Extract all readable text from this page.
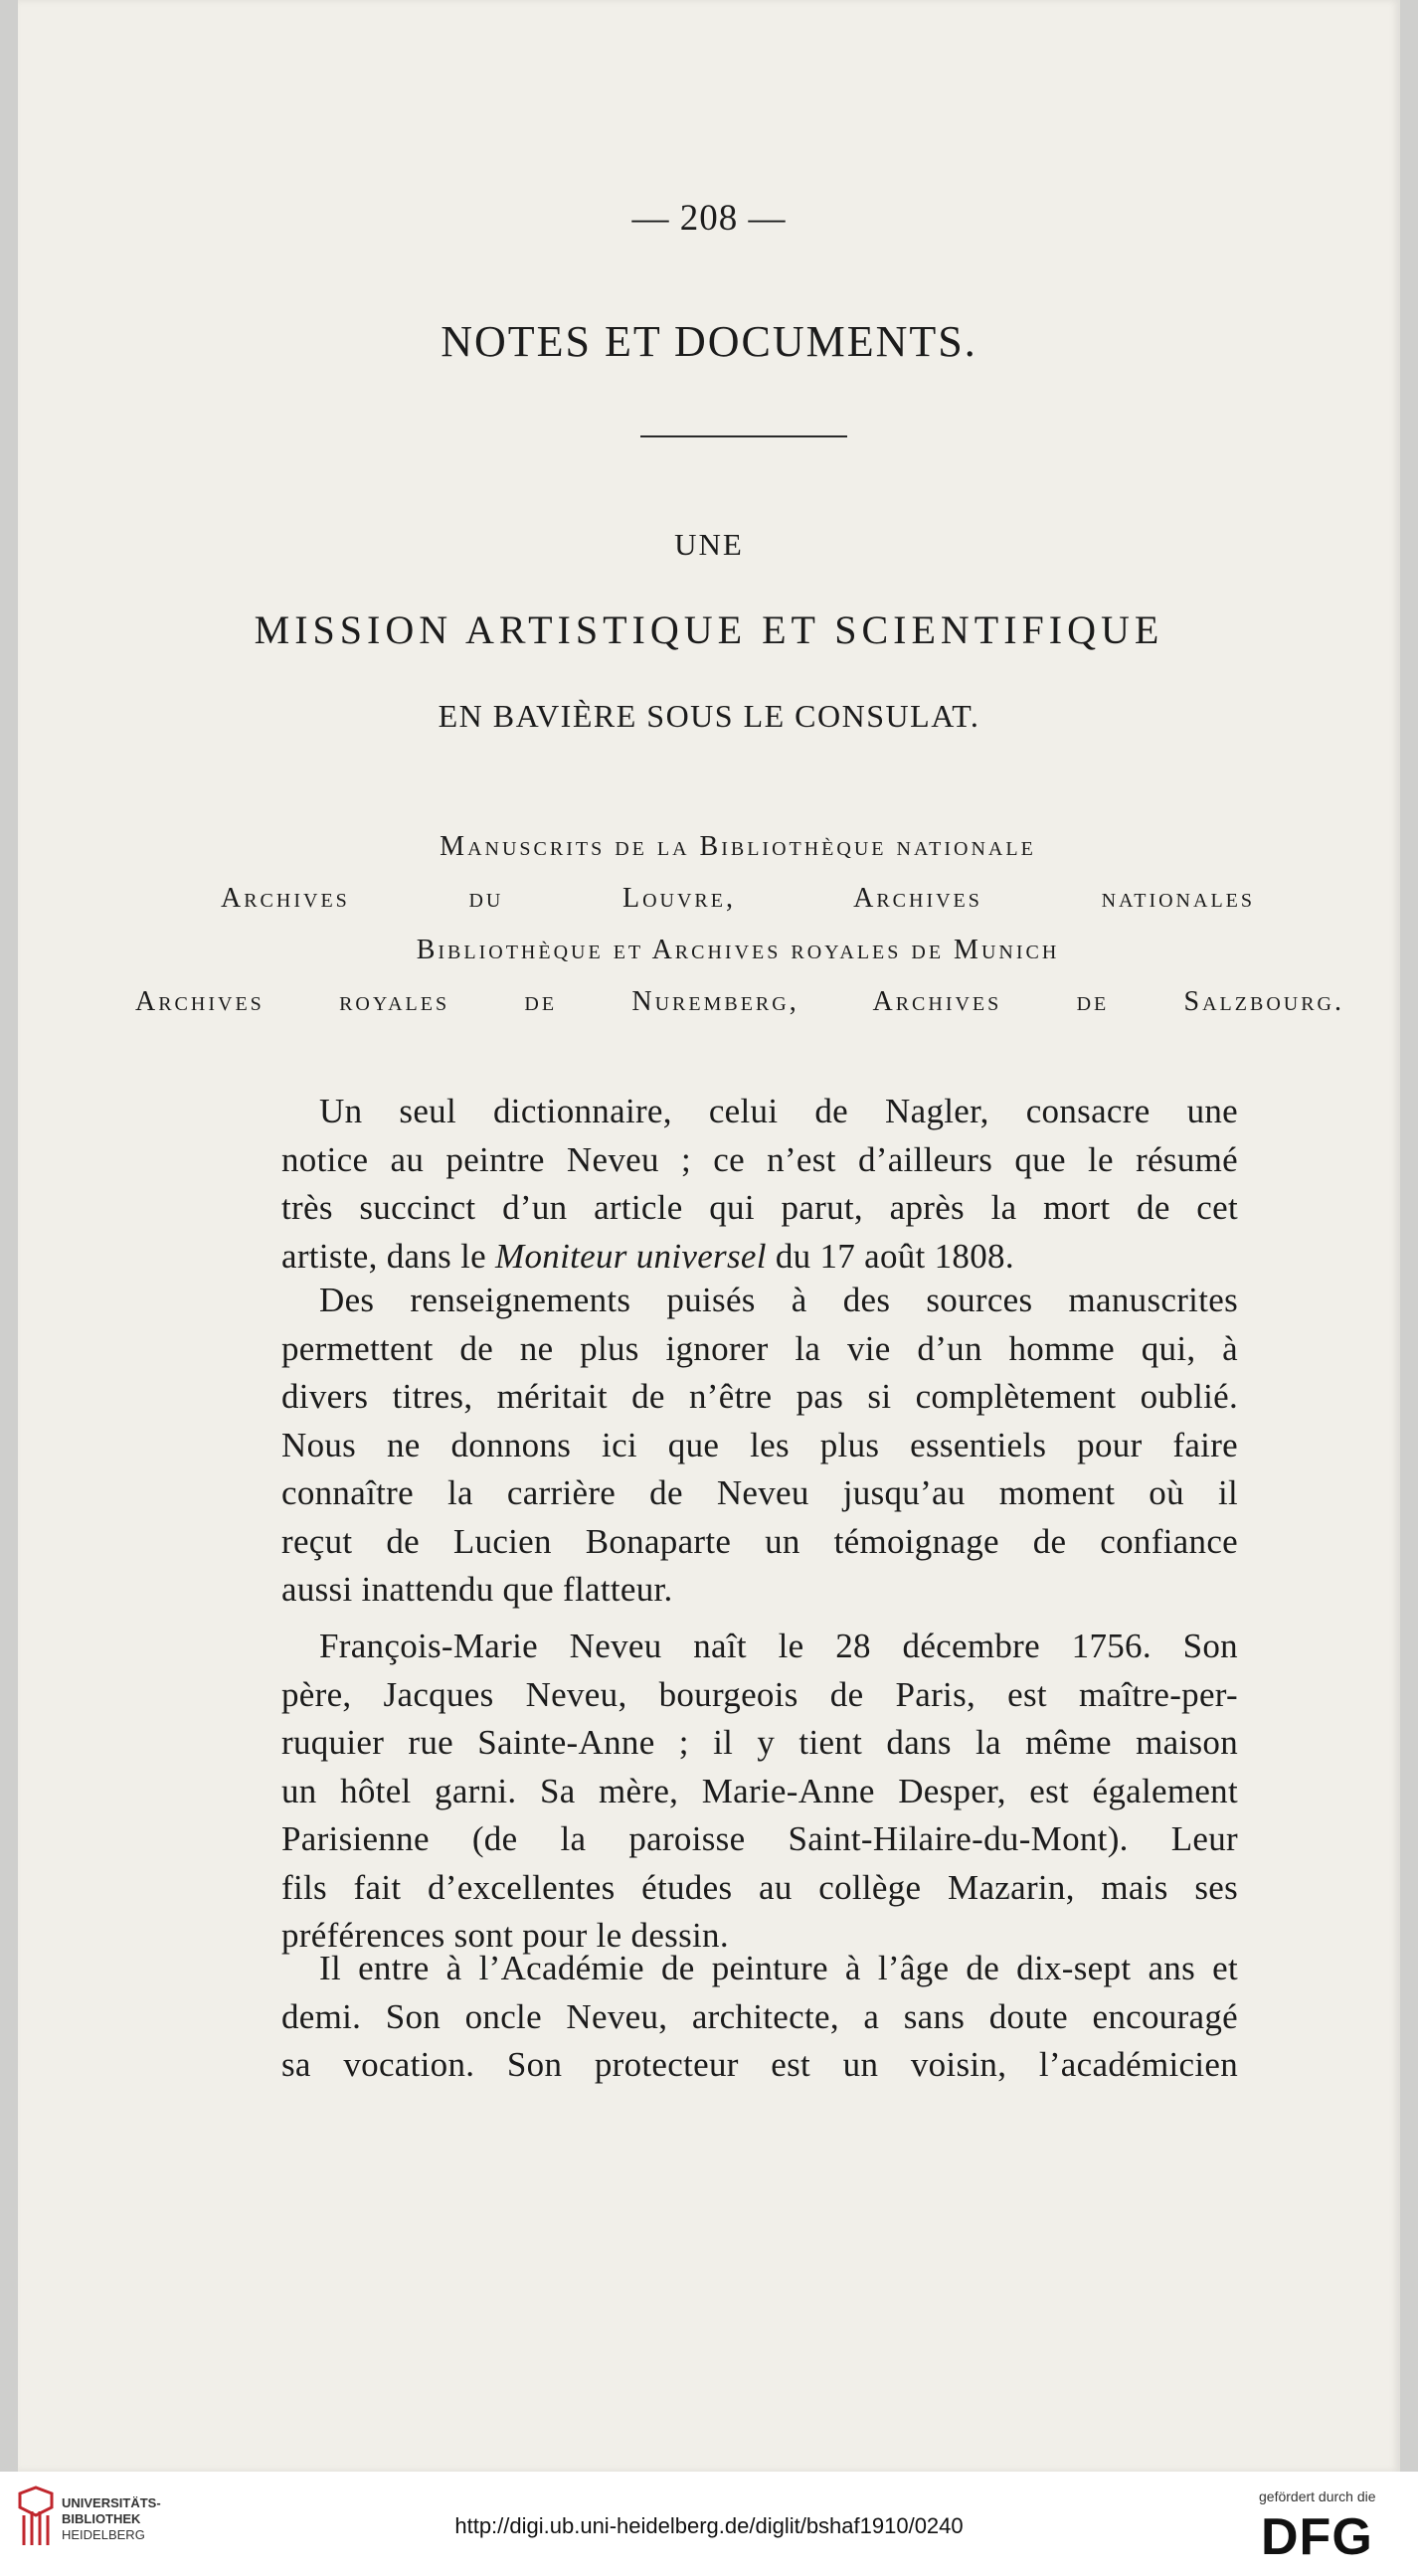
— 208 —
NOTES ET DOCUMENTS.
UNE
MISSION ARTISTIQUE ET SCIENTIFIQUE
EN BAVIÈRE SOUS LE CONSULAT.
Manuscrits de la Bibliothèque nationale
Archives du Louvre, Archives nationales
Bibliothèque et Archives royales de Munich
Archives royales de Nuremberg, Archives de Salzbourg.
Un seul dictionnaire, celui de Nagler, consacre une
notice au peintre Neveu ; ce n’est d’ailleurs que le résumé
très succinct d’un article qui parut, après la mort de cet
artiste, dans le Moniteur universel du 17 août 1808.
Des renseignements puisés à des sources manuscrites
permettent de ne plus ignorer la vie d’un homme qui, à
divers titres, méritait de n’être pas si complètement oublié.
Nous ne donnons ici que les plus essentiels pour faire
connaître la carrière de Neveu jusqu’au moment où il
reçut de Lucien Bonaparte un témoignage de confiance
aussi inattendu que flatteur.
François-Marie Neveu naît le 28 décembre 1756. Son
père, Jacques Neveu, bourgeois de Paris, est maître-per-
ruquier rue Sainte-Anne ; il y tient dans la même maison
un hôtel garni. Sa mère, Marie-Anne Desper, est également
Parisienne (de la paroisse Saint-Hilaire-du-Mont). Leur
fils fait d’excellentes études au collège Mazarin, mais ses
préférences sont pour le dessin.
Il entre à l’Académie de peinture à l’âge de dix-sept ans et
demi. Son oncle Neveu, architecte, a sans doute encouragé
sa vocation. Son protecteur est un voisin, l’académicien
UNIVERSITÄTS-
BIBLIOTHEK
HEIDELBERG	http://digi.ub.uni-heidelberg.de/diglit/bshaf1910/0240
gefördert durch die
DFG
